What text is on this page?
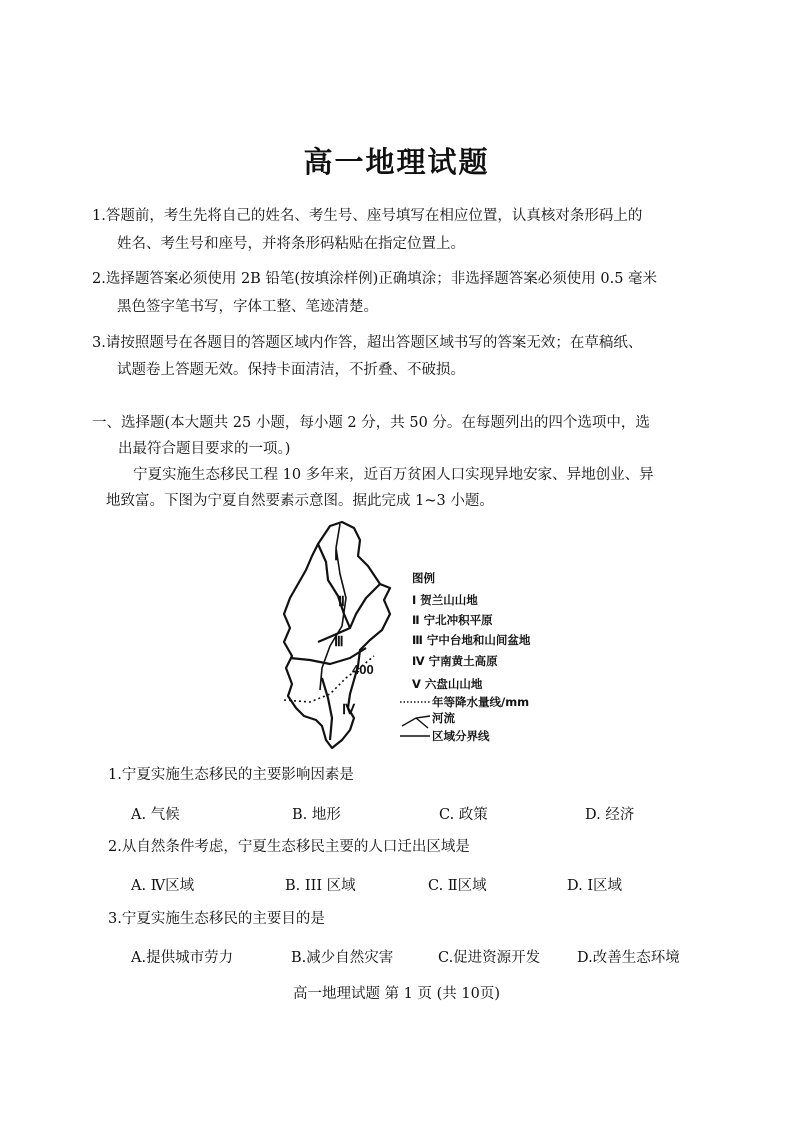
高一地理试题
1.答题前，考生先将自己的姓名、考生号、座号填写在相应位置，认真核对条形码上的
姓名、考生号和座号，并将条形码粘贴在指定位置上。
2.选择题答案必须使用 2B 铅笔(按填涂样例)正确填涂；非选择题答案必须使用 0.5 毫米
黑色签字笔书写，字体工整、笔迹清楚。
3.请按照题号在各题目的答题区域内作答，超出答题区域书写的答案无效；在草稿纸、
试题卷上答题无效。保持卡面清洁，不折叠、不破损。
一、选择题(本大题共 25 小题，每小题 2 分，共 50 分。在每题列出的四个选项中，选
出最符合题目要求的一项。)
宁夏实施生态移民工程 10 多年来，近百万贫困人口实现异地安家、异地创业、异
地致富。下图为宁夏自然要素示意图。据此完成 1~3 小题。
Ⅰ
Ⅱ
Ⅲ
Ⅳ
400
图例
Ⅰ 贺兰山山地
Ⅱ 宁北冲积平原
Ⅲ 宁中台地和山间盆地
Ⅳ 宁南黄土高原
Ⅴ 六盘山山地
年等降水量线/mm
河流
区域分界线
1.宁夏实施生态移民的主要影响因素是
A. 气候	B. 地形	C. 政策	D. 经济
2.从自然条件考虑，宁夏生态移民主要的人口迁出区域是
A. Ⅳ区域	B. III 区域	C. Ⅱ区域	D. Ⅰ区域
3.宁夏实施生态移民的主要目的是
A.提供城市劳力	B.减少自然灾害	C.促进资源开发	D.改善生态环境
高一地理试题 第 1 页 (共 10页)
